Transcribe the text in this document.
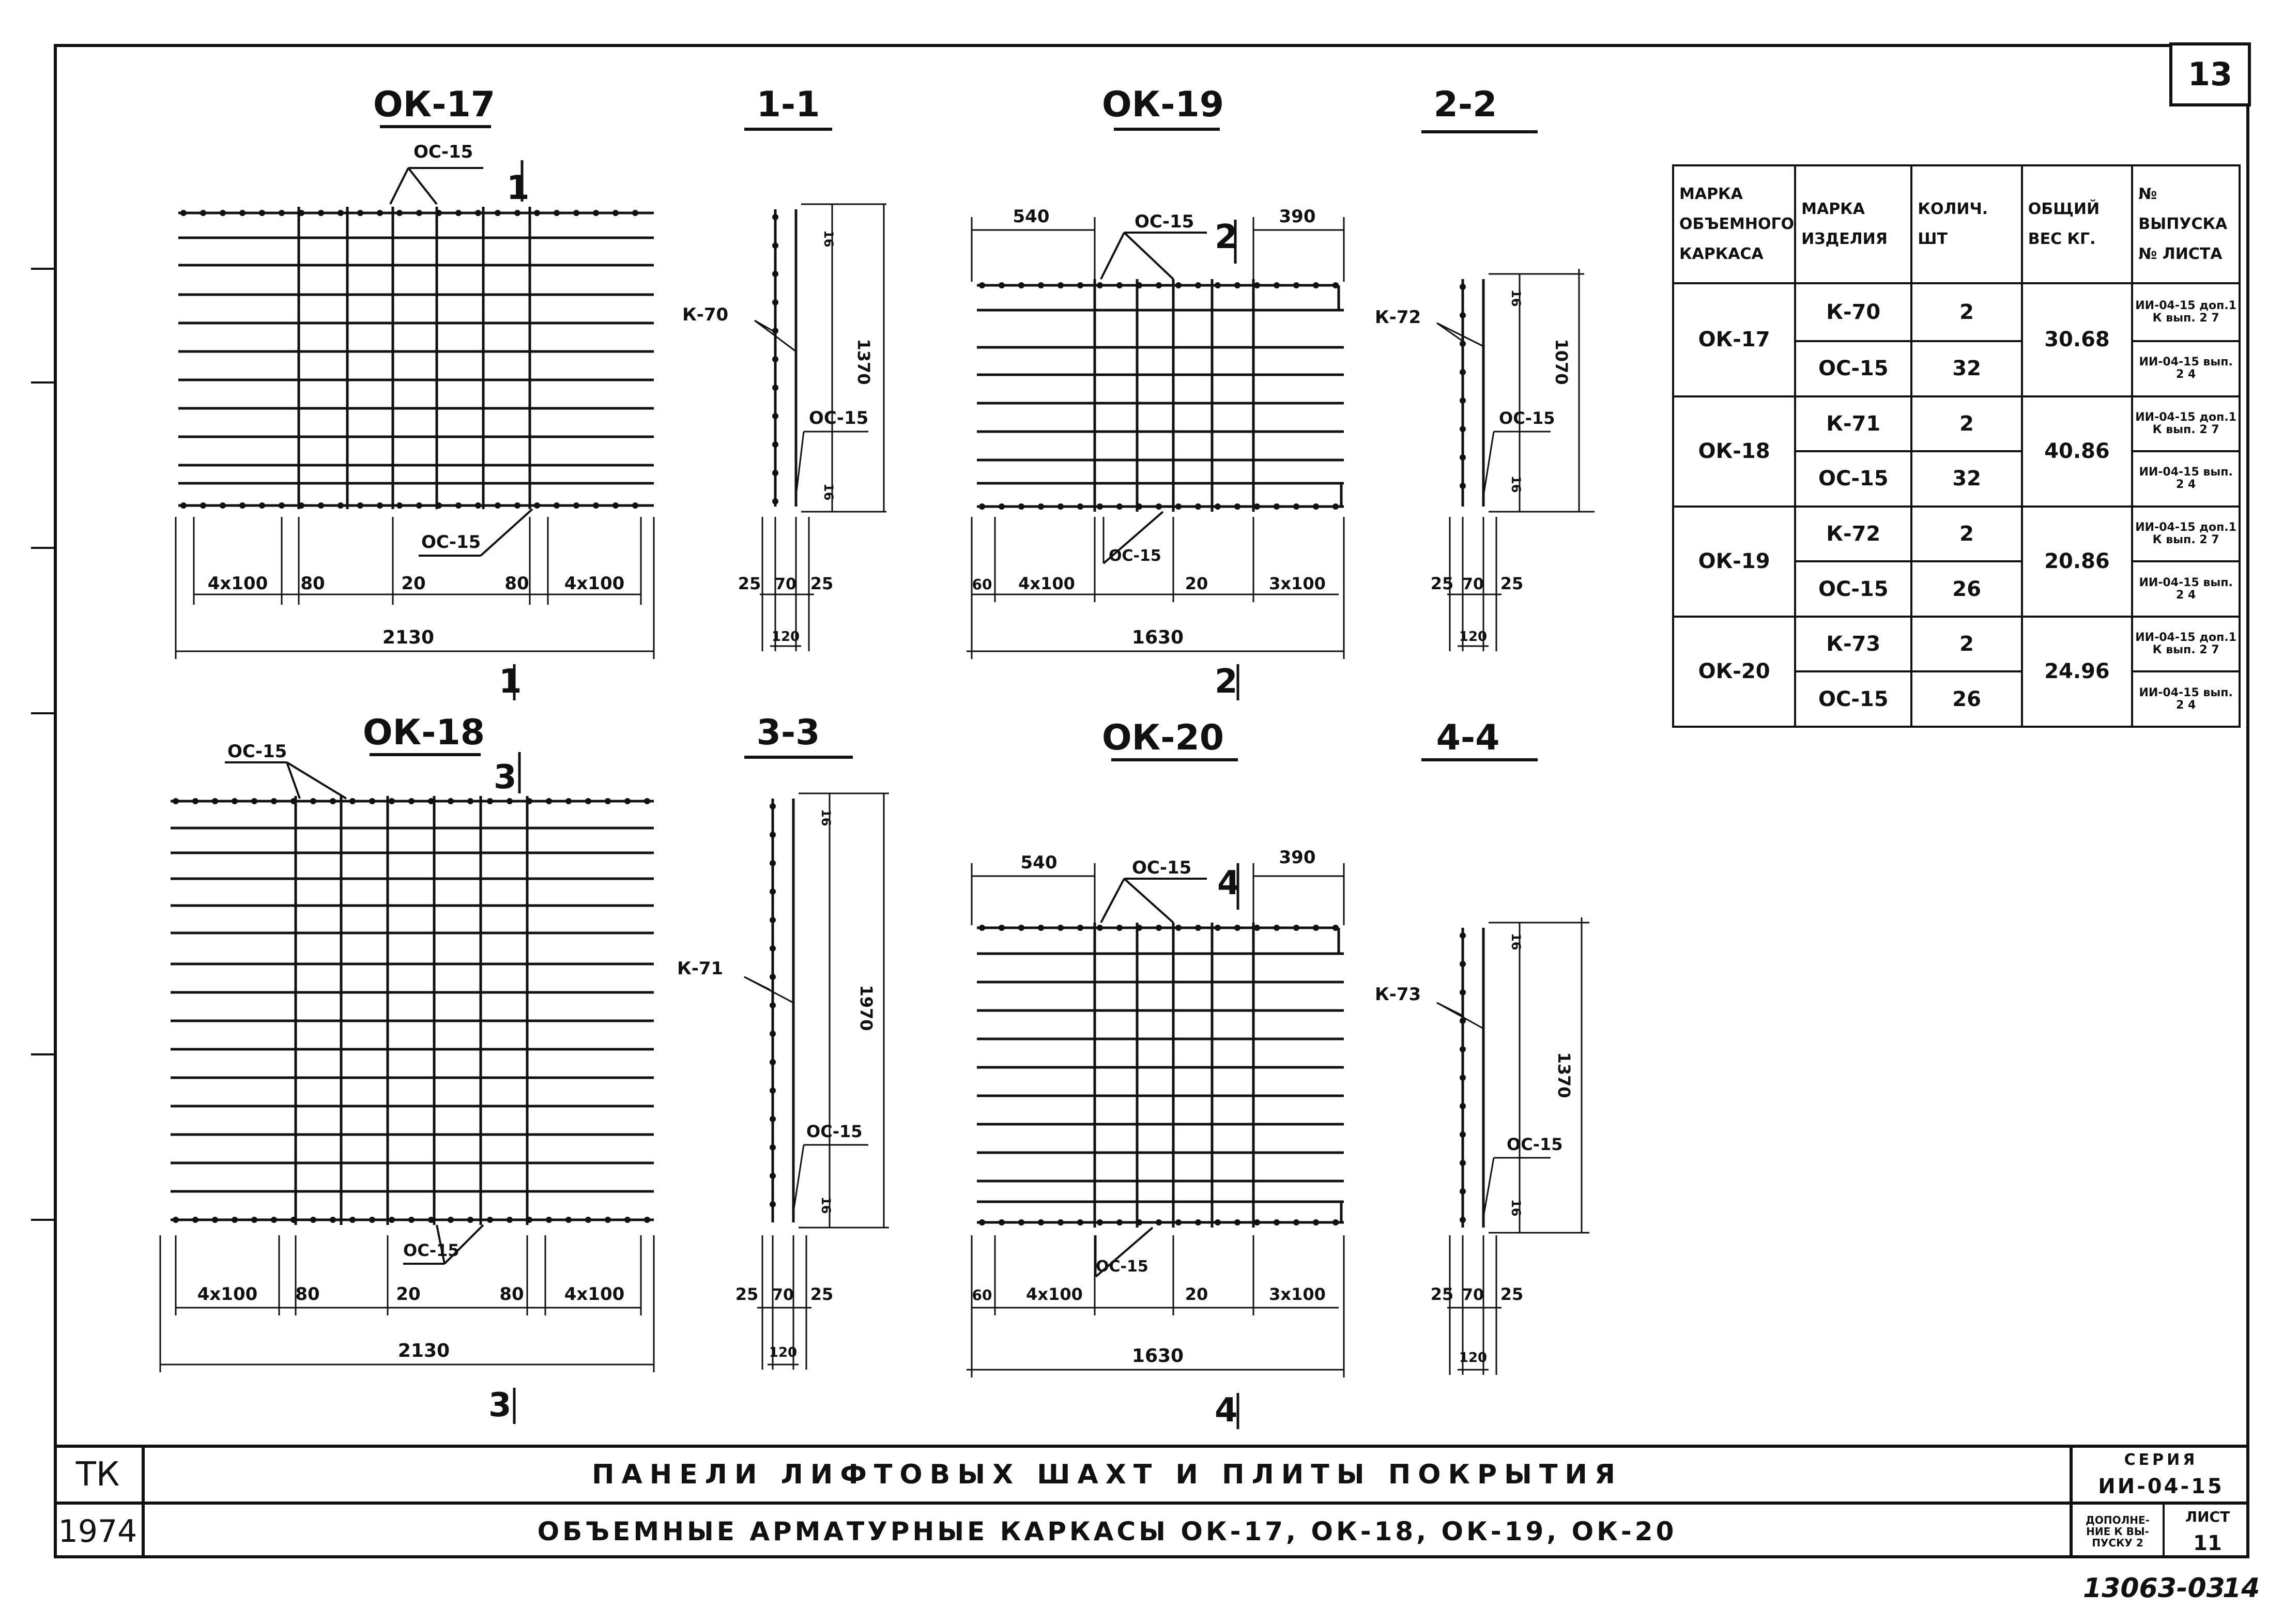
13
ОК-17
ОС-15
ОС-15
1
1
4х100 80	20	80 4х100
2130
1-1
К-70
ОС-15
1370
16
16
25 70 25
120
ОК-19
ОС-15
ОС-15
2
2
540	390
60 4х100	20	3х100
1630
2-2
К-72
ОС-15
1070
16
16
25 70 25
120
ОК-18
ОС-15
ОС-15
3
3
4х100 80	20	80 4х100
2130
3-3
К-71
ОС-15
1970
16
16
25 70 25
120
ОК-20
ОС-15
ОС-15
4
4
540	390
60 4х100	20	3х100
1630
4-4
К-73
ОС-15
1370
16
16
25 70 25
120
13063-03
14
МАРКА ОБЪЕМНОГО КАРКАСА	МАРКА ИЗДЕЛИЯ	КОЛИЧ. ШТ	ОБЩИЙ ВЕС КГ.	№ ВЫПУСКА № ЛИСТА
ОК-17	К-70	2	30.68	ИИ-04-15 доп.1 К вып. 2 7
	ОС-15	32		ИИ-04-15 вып. 2 4
ОК-18	К-71	2	40.86	ИИ-04-15 доп.1 К вып. 2 7
	ОС-15	32		ИИ-04-15 вып. 2 4
ОК-19	К-72	2	20.86	ИИ-04-15 доп.1 К вып. 2 7
	ОС-15	26		ИИ-04-15 вып. 2 4
ОК-20	К-73	2	24.96	ИИ-04-15 доп.1 К вып. 2 7
	ОС-15	26		ИИ-04-15 вып. 2 4
ТК
1974
ПАНЕЛИ ЛИФТОВЫХ ШАХТ И ПЛИТЫ ПОКРЫТИЯ
ОБЪЕМНЫЕ АРМАТУРНЫЕ КАРКАСЫ ОК-17, ОК-18, ОК-19, ОК-20
СЕРИЯ
ИИ-04-15
ДОПОЛНЕ- НИЕ К ВЫ- ПУСКУ 2
ЛИСТ
11
